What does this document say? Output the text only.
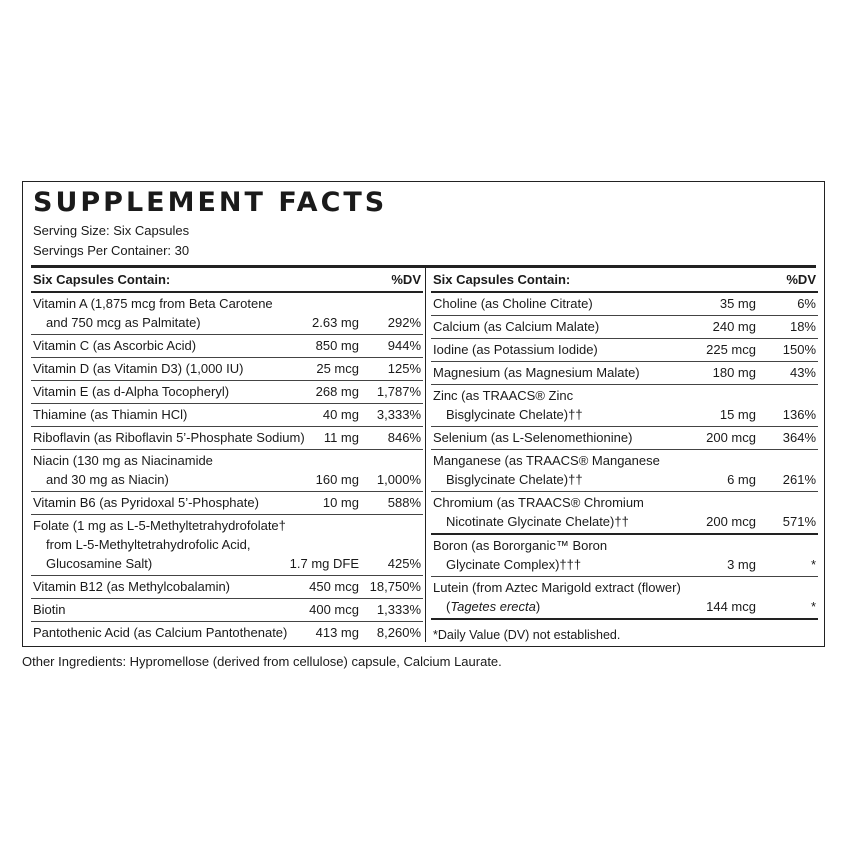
SUPPLEMENT FACTS
Serving Size: Six Capsules
Servings Per Container: 30
Six Capsules Contain:	%DV
Vitamin A (1,875 mcg from Beta Carotene
and 750 mcg as Palmitate)	2.63 mg 292%
Vitamin C (as Ascorbic Acid)	850 mg 944%
Vitamin D (as Vitamin D3) (1,000 IU)	25 mcg 125%
Vitamin E (as d-Alpha Tocopheryl)	268 mg 1,787%
Thiamine (as Thiamin HCl)	40 mg 3,333%
Riboflavin (as Riboflavin 5’-Phosphate Sodium) 11 mg 846%
Niacin (130 mg as Niacinamide
and 30 mg as Niacin)	160 mg 1,000%
Vitamin B6 (as Pyridoxal 5’-Phosphate)	10 mg 588%
Folate (1 mg as L-5-Methyltetrahydrofolate†
from L-5-Methyltetrahydrofolic Acid,
Glucosamine Salt)	1.7 mg DFE 425%
Vitamin B12 (as Methylcobalamin)	450 mcg 18,750%
Biotin	400 mcg 1,333%
Pantothenic Acid (as Calcium Pantothenate) 413 mg 8,260%
Six Capsules Contain:	%DV
Choline (as Choline Citrate)	35 mg	6%
Calcium (as Calcium Malate)	240 mg	18%
Iodine (as Potassium Iodide)	225 mcg 150%
Magnesium (as Magnesium Malate)	180 mg	43%
Zinc (as TRAACS® Zinc
Bisglycinate Chelate)††	15 mg 136%
Selenium (as L-Selenomethionine)	200 mcg 364%
Manganese (as TRAACS® Manganese
Bisglycinate Chelate)††	6 mg 261%
Chromium (as TRAACS® Chromium
Nicotinate Glycinate Chelate)††	200 mcg 571%
Boron (as Bororganic™ Boron
Glycinate Complex)†††	3 mg	*
Lutein (from Aztec Marigold extract (flower)
(Tagetes erecta)	144 mcg	*
*Daily Value (DV) not established.
Other Ingredients: Hypromellose (derived from cellulose) capsule, Calcium Laurate.
